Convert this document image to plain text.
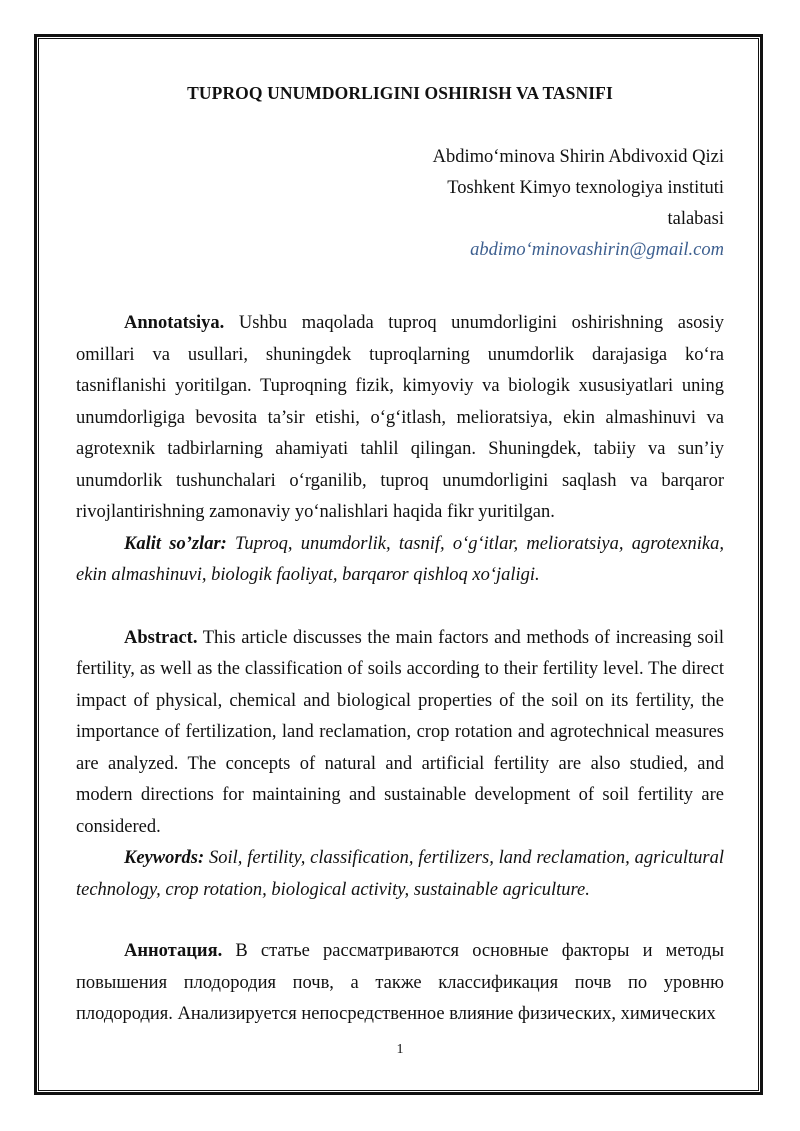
TUPROQ UNUMDORLIGINI OSHIRISH VA TASNIFI
Abdimo‘minova Shirin Abdivoxid Qizi
Toshkent Kimyo texnologiya instituti
talabasi
abdimo‘minovashirin@gmail.com

Annotatsiya. Ushbu maqolada tuproq unumdorligini oshirishning asosiy omillari va usullari, shuningdek tuproqlarning unumdorlik darajasiga ko‘ra tasniflanishi yoritilgan. Tuproqning fizik, kimyoviy va biologik xususiyatlari uning unumdorligiga bevosita ta’sir etishi, o‘g‘itlash, melioratsiya, ekin almashinuvi va agrotexnik tadbirlarning ahamiyati tahlil qilingan. Shuningdek, tabiiy va sun’iy unumdorlik tushunchalari o‘rganilib, tuproq unumdorligini saqlash va barqaror rivojlantirishning zamonaviy yo‘nalishlari haqida fikr yuritilgan.

Kalit so’zlar: Tuproq, unumdorlik, tasnif, o‘g‘itlar, melioratsiya, agrotexnika, ekin almashinuvi, biologik faoliyat, barqaror qishloq xo‘jaligi.

Abstract. This article discusses the main factors and methods of increasing soil fertility, as well as the classification of soils according to their fertility level. The direct impact of physical, chemical and biological properties of the soil on its fertility, the importance of fertilization, land reclamation, crop rotation and agrotechnical measures are analyzed. The concepts of natural and artificial fertility are also studied, and modern directions for maintaining and sustainable development of soil fertility are considered.

Keywords: Soil, fertility, classification, fertilizers, land reclamation, agricultural technology, crop rotation, biological activity, sustainable agriculture.

Аннотация. В статье рассматриваются основные факторы и методы повышения плодородия почв, а также классификация почв по уровню плодородия. Анализируется непосредственное влияние физических, химических

1
